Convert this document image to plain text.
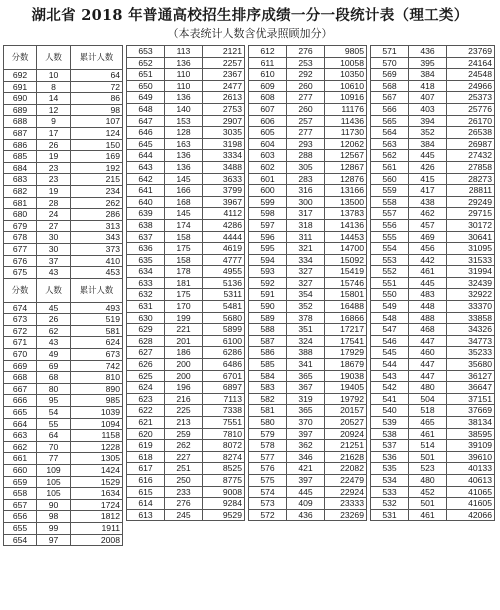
湖北省 2018 年普通高校招生排序成绩一分一段统计表（理工类）
（本表统计人数含优录照顾加分）
分数	人数	累计人数
692	10	64
691	8	72
690	14	86
689	12	98
688	9	107
687	17	124
686	26	150
685	19	169
684	23	192
683	23	215
682	19	234
681	28	262
680	24	286
679	27	313
678	30	343
677	30	373
676	37	410
675	43	453
分数	人数	累计人数
674	45	493
673	26	519
672	62	581
671	43	624
670	49	673
669	69	742
668	68	810
667	80	890
666	95	985
665	54	1039
664	55	1094
663	64	1158
662	70	1228
661	77	1305
660	109	1424
659	105	1529
658	105	1634
657	90	1724
656	98	1812
655	99	1911
654	97	2008
653	113	2121
652	136	2257
651	110	2367
650	110	2477
649	136	2613
648	140	2753
647	153	2907
646	128	3035
645	163	3198
644	136	3334
643	136	3488
642	145	3633
641	166	3799
640	168	3967
639	145	4112
638	174	4286
637	158	4444
636	175	4619
635	158	4777
634	178	4955
633	181	5136
632	175	5311
631	170	5481
630	199	5680
629	221	5899
628	201	6100
627	186	6286
626	200	6486
625	200	6701
624	196	6897
623	216	7113
622	225	7338
621	213	7551
620	259	7810
619	262	8072
618	227	8274
617	251	8525
616	250	8775
615	233	9008
614	276	9284
613	245	9529
612	276	9805
611	253	10058
610	292	10350
609	260	10610
608	277	10916
607	260	11176
606	257	11436
605	277	11730
604	293	12062
603	288	12567
602	305	12867
601	283	12876
600	316	13166
599	300	13500
598	317	13783
597	318	14136
596	311	14453
595	321	14700
594	334	15092
593	327	15419
592	327	15746
591	354	15801
590	352	16488
589	378	16866
588	351	17217
587	324	17541
586	388	17929
585	341	18679
584	365	19038
583	367	19405
582	319	19792
581	365	20157
580	370	20527
579	397	20924
578	362	21251
577	346	21628
576	421	22082
575	397	22479
574	445	22924
573	409	23333
572	436	23269
571	436	23769
570	395	24164
569	384	24548
568	418	24966
567	407	25373
566	403	25776
565	394	26170
564	352	26538
563	384	26987
562	445	27432
561	426	27858
560	415	28273
559	417	28811
558	438	29249
557	462	29715
556	457	30172
555	469	30641
554	456	31095
553	442	31533
552	461	31994
551	445	32439
550	483	32922
549	448	33370
548	488	33858
547	468	34326
546	447	34773
545	460	35233
544	447	35680
543	447	36127
542	480	36647
541	504	37151
540	518	37669
539	465	38134
538	461	38595
537	514	39109
536	501	39610
535	523	40133
534	480	40613
533	452	41065
532	501	41605
531	461	42066
